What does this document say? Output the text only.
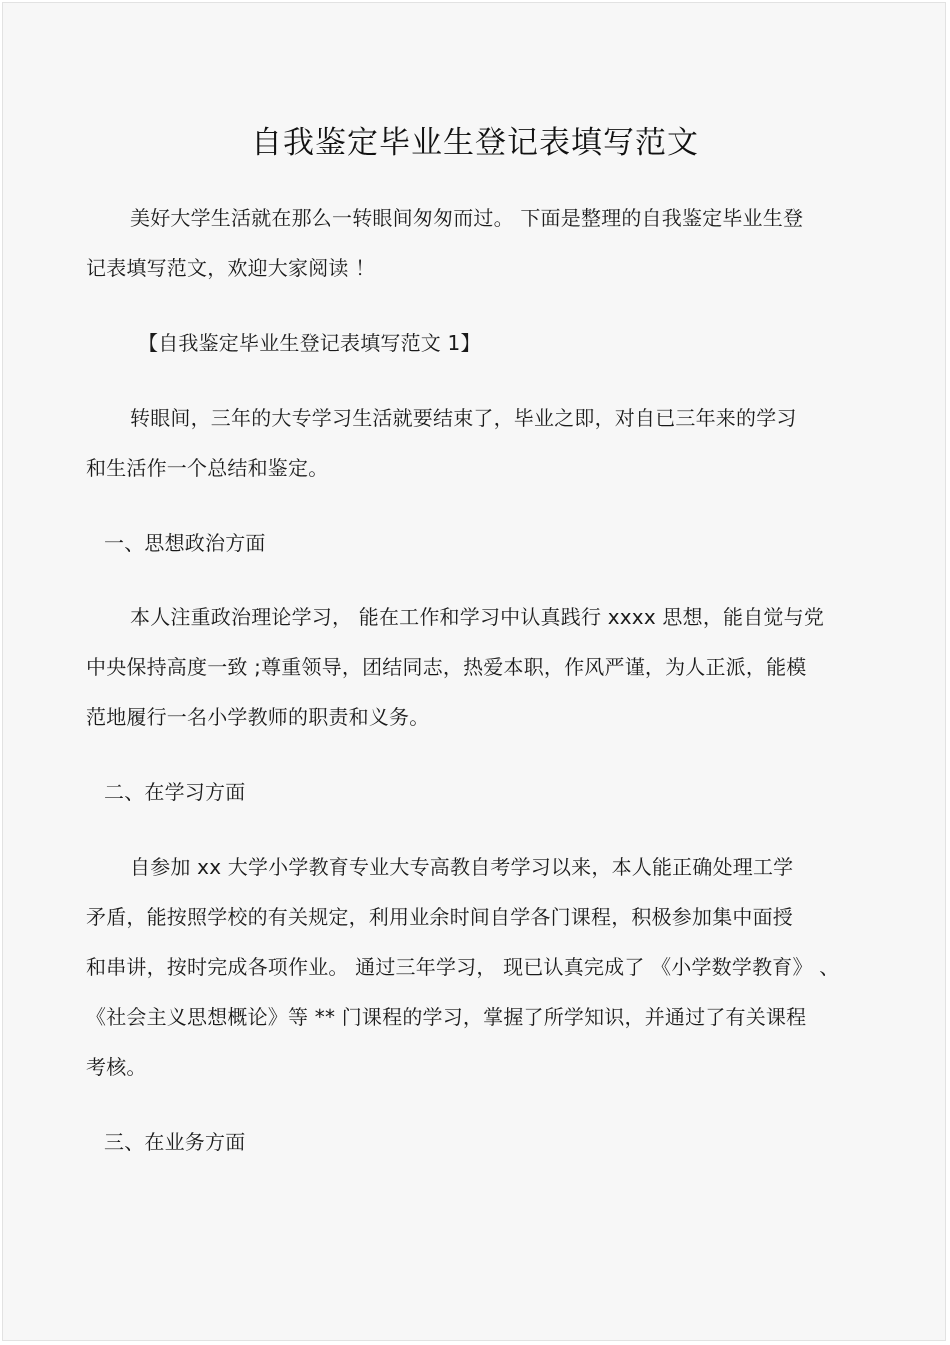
自我鉴定毕业生登记表填写范文
美好大学生活就在那么一转眼间匆匆而过。 下面是整理的自我鉴定毕业生登
记表填写范文，欢迎大家阅读 ！
【自我鉴定毕业生登记表填写范文 1】
转眼间，三年的大专学习生活就要结束了，毕业之即，对自已三年来的学习
和生活作一个总结和鉴定。
一、思想政治方面
本人注重政治理论学习， 能在工作和学习中认真践行 xxxx 思想，能自觉与党
中央保持高度一致 ;尊重领导，团结同志，热爱本职，作风严谨，为人正派，能模
范地履行一名小学教师的职责和义务。
二、在学习方面
自参加 xx 大学小学教育专业大专高教自考学习以来，本人能正确处理工学
矛盾，能按照学校的有关规定，利用业余时间自学各门课程，积极参加集中面授
和串讲，按时完成各项作业。 通过三年学习， 现已认真完成了 《小学数学教育》 、
《社会主义思想概论》等 ** 门课程的学习，掌握了所学知识，并通过了有关课程
考核。
三、在业务方面
